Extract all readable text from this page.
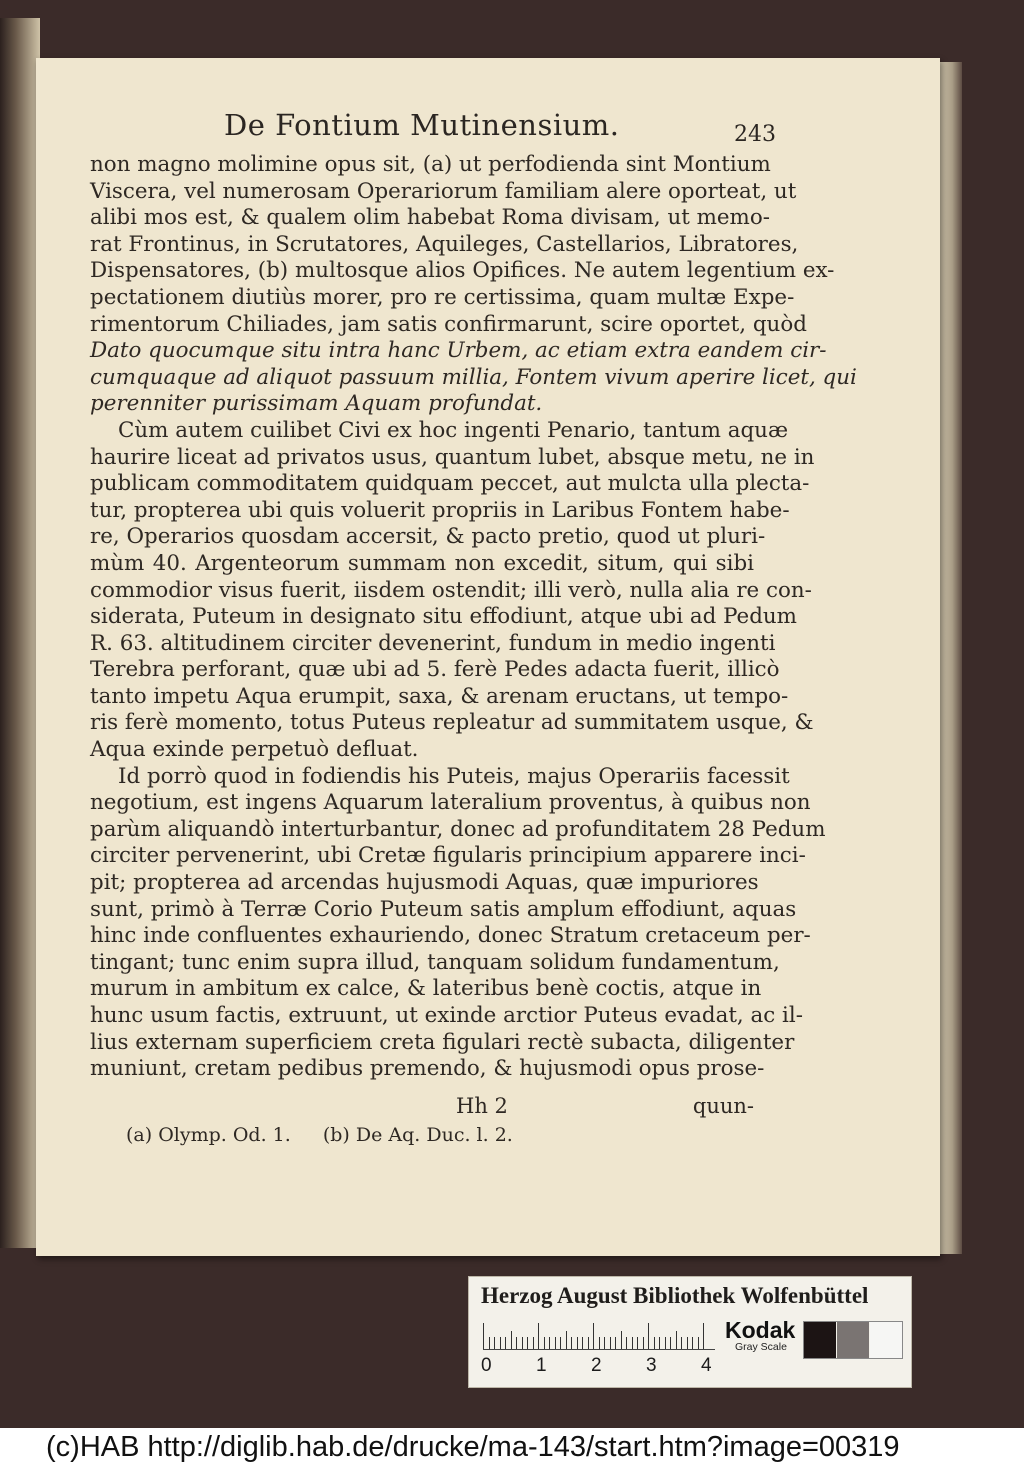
De Fontium Mutinensium.	243
non magno molimine opus sit, (a) ut perfodienda sint Montium
Viscera, vel numerosam Operariorum familiam alere oporteat, ut
alibi mos est, & qualem olim habebat Roma divisam, ut memo-
rat Frontinus, in Scrutatores, Aquileges, Castellarios, Libratores,
Dispensatores, (b) multosque alios Opifices. Ne autem legentium ex-
pectationem diutiùs morer, pro re certissima, quam multæ Expe-
rimentorum Chiliades, jam satis confirmarunt, scire oportet, quòd
Dato quocumque situ intra hanc Urbem, ac etiam extra eandem cir-
cumquaque ad aliquot passuum millia, Fontem vivum aperire licet, qui
perenniter purissimam Aquam profundat.
Cùm autem cuilibet Civi ex hoc ingenti Penario, tantum aquæ
haurire liceat ad privatos usus, quantum lubet, absque metu, ne in
publicam commoditatem quidquam peccet, aut mulcta ulla plecta-
tur, propterea ubi quis voluerit propriis in Laribus Fontem habe-
re, Operarios quosdam accersit, & pacto pretio, quod ut pluri-
mùm 40. Argenteorum summam non excedit, situm, qui sibi
commodior visus fuerit, iisdem ostendit; illi verò, nulla alia re con-
siderata, Puteum in designato situ effodiunt, atque ubi ad Pedum
R. 63. altitudinem circiter devenerint, fundum in medio ingenti
Terebra perforant, quæ ubi ad 5. ferè Pedes adacta fuerit, illicò
tanto impetu Aqua erumpit, saxa, & arenam eructans, ut tempo-
ris ferè momento, totus Puteus repleatur ad summitatem usque, &
Aqua exinde perpetuò defluat.
Id porrò quod in fodiendis his Puteis, majus Operariis facessit
negotium, est ingens Aquarum lateralium proventus, à quibus non
parùm aliquandò interturbantur, donec ad profunditatem 28 Pedum
circiter pervenerint, ubi Cretæ figularis principium apparere inci-
pit; propterea ad arcendas hujusmodi Aquas, quæ impuriores
sunt, primò à Terræ Corio Puteum satis amplum effodiunt, aquas
hinc inde confluentes exhauriendo, donec Stratum cretaceum per-
tingant; tunc enim supra illud, tanquam solidum fundamentum,
murum in ambitum ex calce, & lateribus benè coctis, atque in
hunc usum factis, extruunt, ut exinde arctior Puteus evadat, ac il-
lius externam superficiem creta figulari rectè subacta, diligenter
muniunt, cretam pedibus premendo, & hujusmodi opus prose-
Hh 2	quun-
(a) Olymp. Od. 1. (b) De Aq. Duc. l. 2.
Herzog August Bibliothek Wolfenbüttel
0 1 2 3 4
Kodak
Gray Scale
(c)HAB http://diglib.hab.de/drucke/ma-143/start.htm?image=00319
